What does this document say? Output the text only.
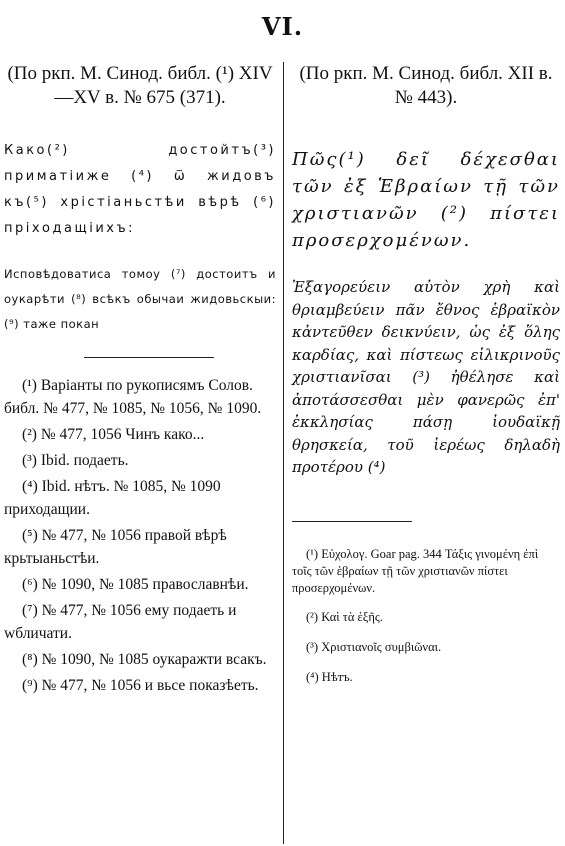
VI.

(По ркп. М. Синод. библ. (¹) XIV—XV в. № 675 (371).

Како(²) достойтъ(³) приматіиже (⁴) ѿ жидовъ къ(⁵) хрістіаньстѣи вѣрѣ (⁶) пріходащіихъ:
Исповѣдоватиса томоу (⁷) достоитъ и оукарѣти (⁸) всѣкъ обычаи жидовьскыи: (⁹) таже покан

(¹) Варіанты по рукописямъ Солов. библ. № 477, № 1085, № 1056, № 1090.

(²) № 477, 1056 Чинъ како...

(³) Ibid. подаеть.

(⁴) Ibid. нѣтъ. № 1085, № 1090 приходащии.

(⁵) № 477, № 1056 правой вѣрѣ крьтыаньстѣи.

(⁶) № 1090, № 1085 православнѣи.

(⁷) № 477, № 1056 ему подаеть и wбличати.

(⁸) № 1090, № 1085 оукаражти всакъ.

(⁹) № 477, № 1056 и вьсе показѣеть.

(По ркп. М. Синод. библ. XII в. № 443).

Πῶς(¹) δεῖ δέχεσθαι τῶν ἐξ Ἑβραίων τῇ τῶν χριστιανῶν (²) πίστει προσερχομένων.
Ἐξαγορεύειν αὐτὸν χρὴ καὶ θριαμβεύειν πᾶν ἔθνος ἑβραϊκὸν κἀντεῦθεν δεικνύειν, ὡς ἐξ ὅλης καρδίας, καὶ πίστεως εἰλικρινοῦς χριστιανῖσαι (³) ἠθέλησε καὶ ἀποτάσσεσθαι μὲν φανερῶς ἐπ' ἐκκλησίας πάσῃ ἰουδαϊκῇ θρησκεία, τοῦ ἱερέως δηλαδὴ προτέρου (⁴)

(¹) Εὐχολογ. Goar pag. 344 Τάξις γινομένη ἐπὶ τοῖς τῶν ἑβραίων τῇ τῶν χριστιανῶν πίστει προσερχομένων.

(²) Καὶ τὰ ἑξῆς.

(³) Χριστιανοῖς συμβιῶναι.

(⁴) Нѣтъ.
